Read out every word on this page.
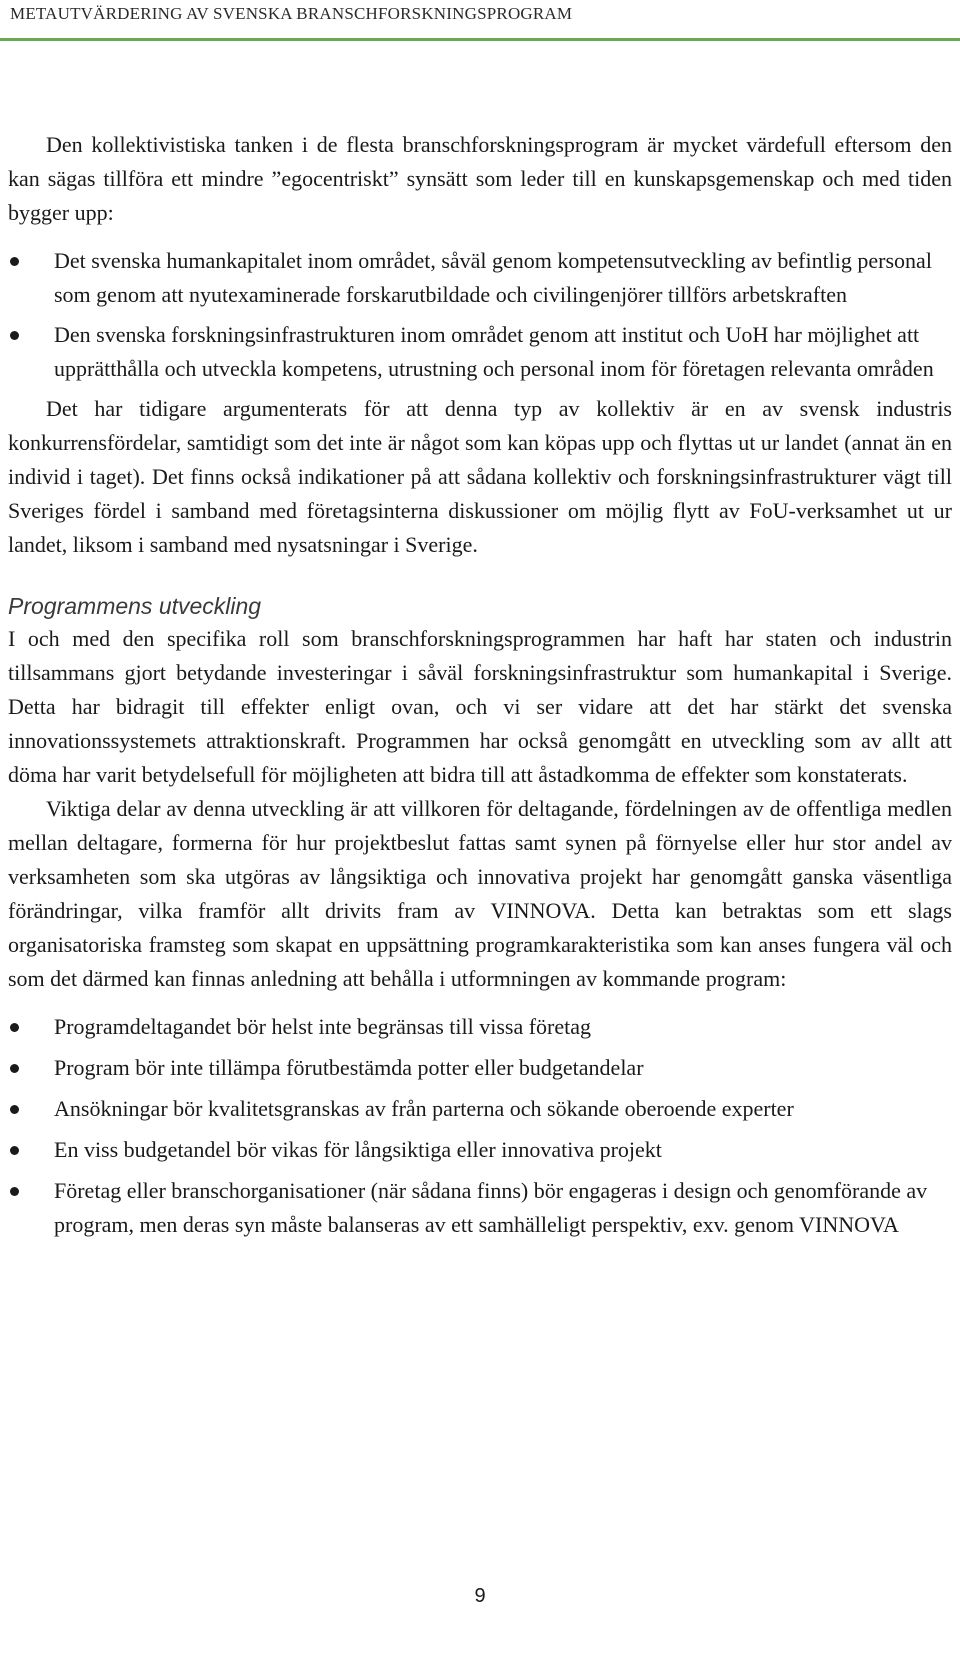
METAUTVÄRDERING AV SVENSKA BRANSCHFORSKNINGSPROGRAM

Den kollektivistiska tanken i de flesta branschforskningsprogram är mycket värdefull eftersom den kan sägas tillföra ett mindre ”egocentriskt” synsätt som leder till en kunskapsgemenskap och med tiden bygger upp:

Det svenska humankapitalet inom området, såväl genom kompetensutveckling av befintlig personal som genom att nyutexaminerade forskarutbildade och civilingenjörer tillförs arbetskraften
Den svenska forskningsinfrastrukturen inom området genom att institut och UoH har möjlighet att upprätthålla och utveckla kompetens, utrustning och personal inom för företagen relevanta områden

Det har tidigare argumenterats för att denna typ av kollektiv är en av svensk industris konkurrensfördelar, samtidigt som det inte är något som kan köpas upp och flyttas ut ur landet (annat än en individ i taget). Det finns också indikationer på att sådana kollektiv och forskningsinfrastrukturer vägt till Sveriges fördel i samband med företagsinterna diskussioner om möjlig flytt av FoU-verksamhet ut ur landet, liksom i samband med nysatsningar i Sverige.

Programmens utveckling

I och med den specifika roll som branschforskningsprogrammen har haft har staten och industrin tillsammans gjort betydande investeringar i såväl forskningsinfrastruktur som humankapital i Sverige. Detta har bidragit till effekter enligt ovan, och vi ser vidare att det har stärkt det svenska innovationssystemets attraktionskraft. Programmen har också genomgått en utveckling som av allt att döma har varit betydelsefull för möjligheten att bidra till att åstadkomma de effekter som konstaterats.

Viktiga delar av denna utveckling är att villkoren för deltagande, fördelningen av de offentliga medlen mellan deltagare, formerna för hur projektbeslut fattas samt synen på förnyelse eller hur stor andel av verksamheten som ska utgöras av långsiktiga och innovativa projekt har genomgått ganska väsentliga förändringar, vilka framför allt drivits fram av VINNOVA. Detta kan betraktas som ett slags organisatoriska framsteg som skapat en uppsättning programkarakteristika som kan anses fungera väl och som det därmed kan finnas anledning att behålla i utformningen av kommande program:

Programdeltagandet bör helst inte begränsas till vissa företag
Program bör inte tillämpa förutbestämda potter eller budgetandelar
Ansökningar bör kvalitetsgranskas av från parterna och sökande oberoende experter
En viss budgetandel bör vikas för långsiktiga eller innovativa projekt
Företag eller branschorganisationer (när sådana finns) bör engageras i design och genomförande av program, men deras syn måste balanseras av ett samhälleligt perspektiv, exv. genom VINNOVA
9
